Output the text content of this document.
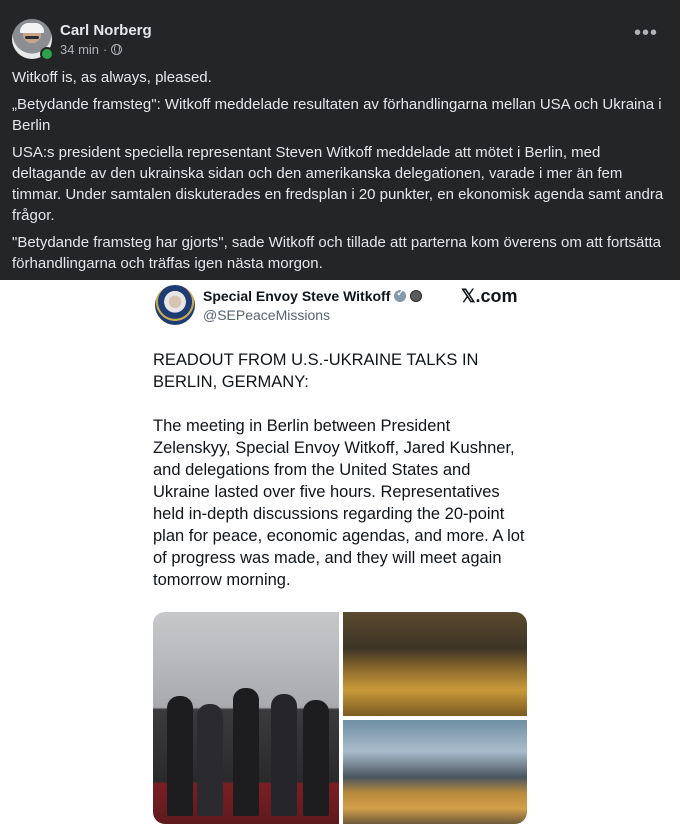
Carl Norberg
34 min ·
•••

Witkoff is, as always, pleased.

„Betydande framsteg": Witkoff meddelade resultaten av förhandlingarna mellan USA och Ukraina i Berlin

USA:s president speciella representant Steven Witkoff meddelade att mötet i Berlin, med deltagande av den ukrainska sidan och den amerikanska delegationen, varade i mer än fem timmar. Under samtalen diskuterades en fredsplan i 20 punkter, en ekonomisk agenda samt andra frågor.

"Betydande framsteg har gjorts", sade Witkoff och tillade att parterna kom överens om att fortsätta förhandlingarna och träffas igen nästa morgon.

Special Envoy Steve Witkoff
✓
@SEPeaceMissions
𝕏.com

READOUT FROM U.S.-UKRAINE TALKS IN BERLIN, GERMANY:

The meeting in Berlin between President Zelenskyy, Special Envoy Witkoff, Jared Kushner, and delegations from the United States and Ukraine lasted over five hours. Representatives held in-depth discussions regarding the 20-point plan for peace, economic agendas, and more. A lot of progress was made, and they will meet again tomorrow morning.
